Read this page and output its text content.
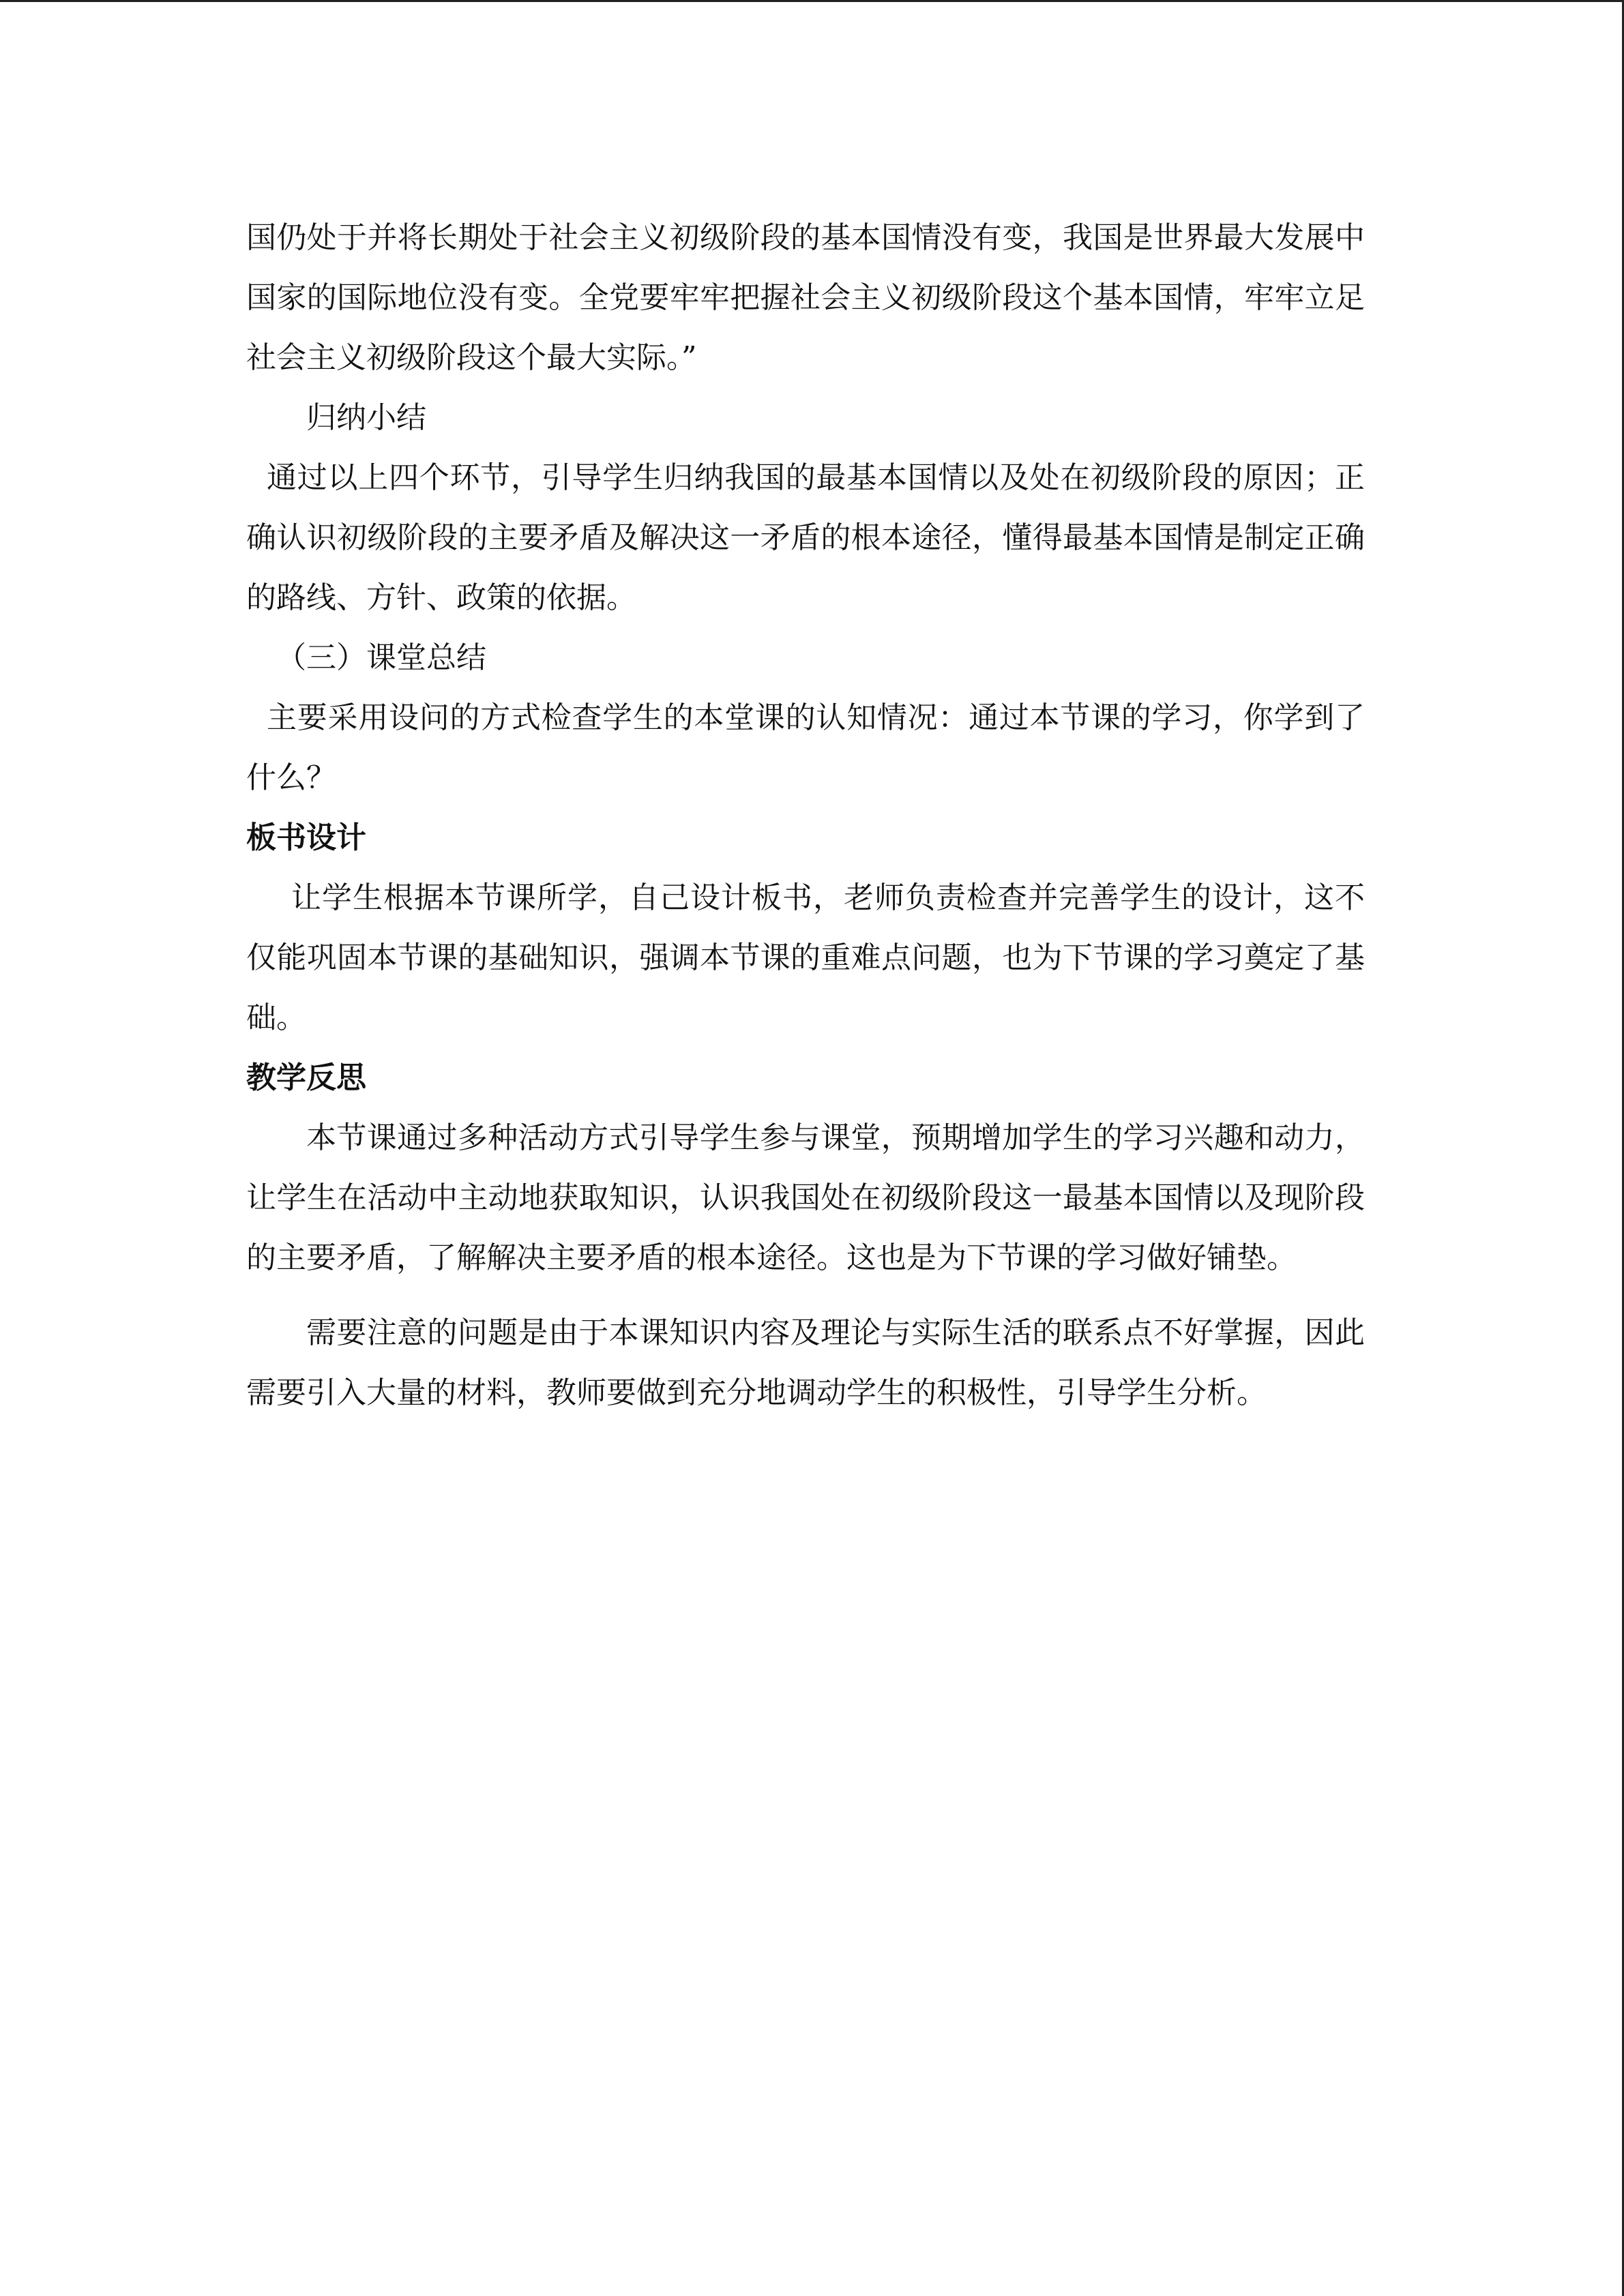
国仍处于并将长期处于社会主义初级阶段的基本国情没有变，我国是世界最大发展中国家的国际地位没有变。全党要牢牢把握社会主义初级阶段这个基本国情，牢牢立足社会主义初级阶段这个最大实际。”

归纳小结

通过以上四个环节，引导学生归纳我国的最基本国情以及处在初级阶段的原因；正确认识初级阶段的主要矛盾及解决这一矛盾的根本途径，懂得最基本国情是制定正确的路线、方针、政策的依据。

（三）课堂总结

主要采用设问的方式检查学生的本堂课的认知情况：通过本节课的学习，你学到了什么？

板书设计

让学生根据本节课所学，自己设计板书，老师负责检查并完善学生的设计，这不仅能巩固本节课的基础知识，强调本节课的重难点问题，也为下节课的学习奠定了基础。

教学反思

本节课通过多种活动方式引导学生参与课堂，预期增加学生的学习兴趣和动力，让学生在活动中主动地获取知识，认识我国处在初级阶段这一最基本国情以及现阶段的主要矛盾，了解解决主要矛盾的根本途径。这也是为下节课的学习做好铺垫。

需要注意的问题是由于本课知识内容及理论与实际生活的联系点不好掌握，因此需要引入大量的材料，教师要做到充分地调动学生的积极性，引导学生分析。
